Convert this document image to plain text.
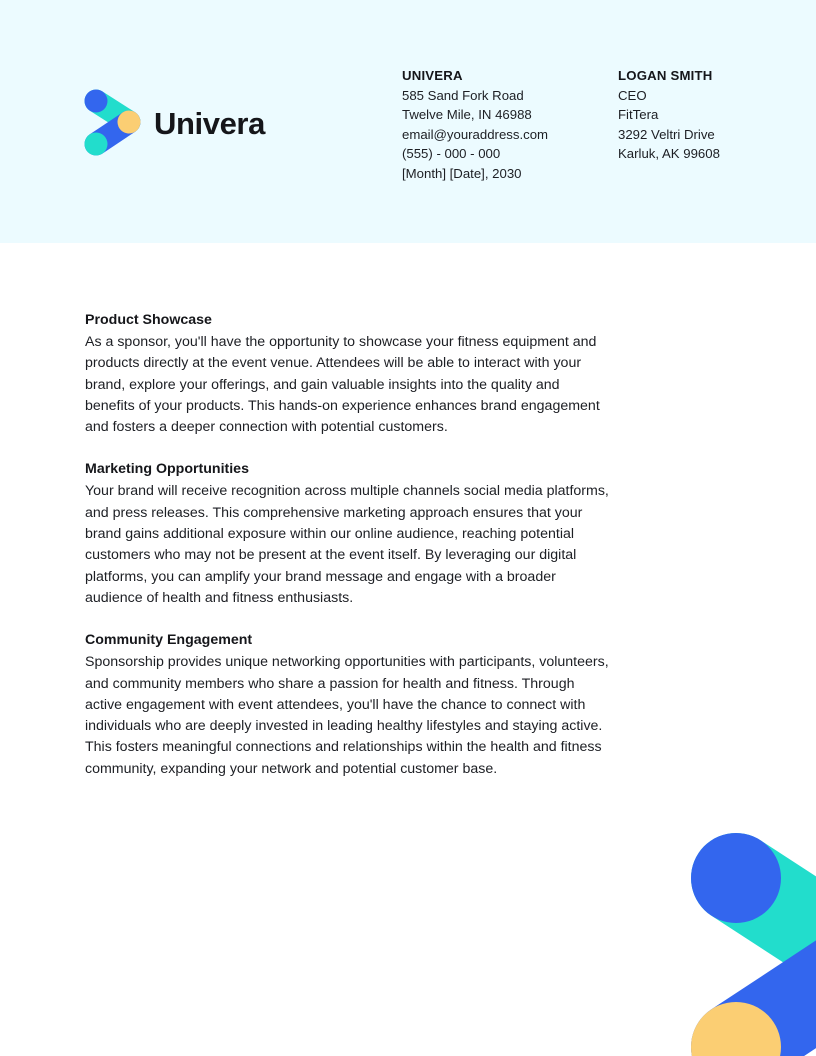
Univera
UNIVERA
585 Sand Fork Road
Twelve Mile, IN 46988
email@youraddress.com
(555) - 000 - 000
[Month] [Date], 2030
LOGAN SMITH
CEO
FitTera
3292 Veltri Drive
Karluk, AK 99608
Product Showcase
As a sponsor, you'll have the opportunity to showcase your fitness equipment and products directly at the event venue. Attendees will be able to interact with your brand, explore your offerings, and gain valuable insights into the quality and benefits of your products. This hands-on experience enhances brand engagement and fosters a deeper connection with potential customers.
Marketing Opportunities
Your brand will receive recognition across multiple channels social media platforms, and press releases. This comprehensive marketing approach ensures that your brand gains additional exposure within our online audience, reaching potential customers who may not be present at the event itself. By leveraging our digital platforms, you can amplify your brand message and engage with a broader audience of health and fitness enthusiasts.
Community Engagement
Sponsorship provides unique networking opportunities with participants, volunteers, and community members who share a passion for health and fitness. Through active engagement with event attendees, you'll have the chance to connect with individuals who are deeply invested in leading healthy lifestyles and staying active. This fosters meaningful connections and relationships within the health and fitness community, expanding your network and potential customer base.
